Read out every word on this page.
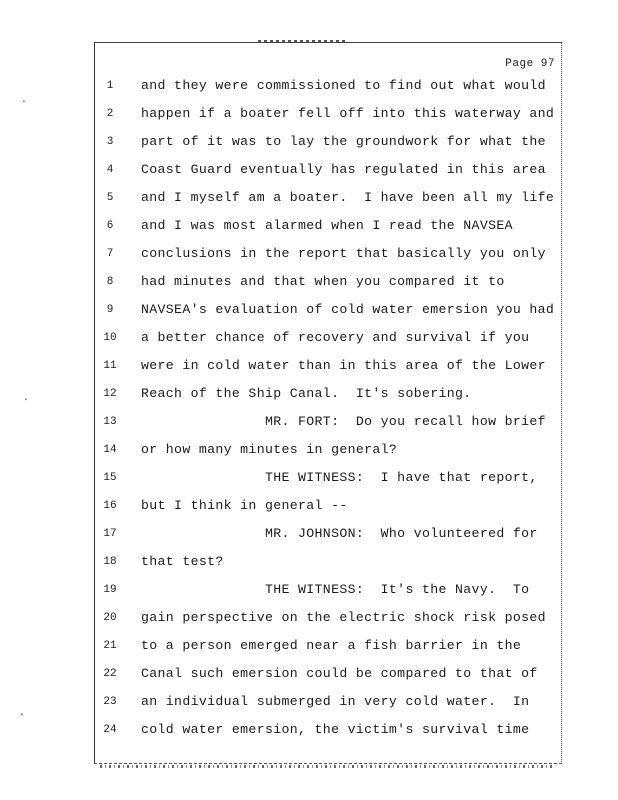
Page 97
⸱
⸱
⸱
1	and they were commissioned to find out what would
2	happen if a boater fell off into this waterway and
3	part of it was to lay the groundwork for what the
4	Coast Guard eventually has regulated in this area
5	and I myself am a boater.  I have been all my life
6	and I was most alarmed when I read the NAVSEA
7	conclusions in the report that basically you only
8	had minutes and that when you compared it to
9	NAVSEA's evaluation of cold water emersion you had
10	a better chance of recovery and survival if you
11	were in cold water than in this area of the Lower
12	Reach of the Ship Canal.  It's sobering.
13	MR. FORT:  Do you recall how brief
14	or how many minutes in general?
15	THE WITNESS:  I have that report,
16	but I think in general --
17	MR. JOHNSON:  Who volunteered for
18	that test?
19	THE WITNESS:  It's the Navy.  To
20	gain perspective on the electric shock risk posed
21	to a person emerged near a fish barrier in the
22	Canal such emersion could be compared to that of
23	an individual submerged in very cold water.  In
24	cold water emersion, the victim's survival time
